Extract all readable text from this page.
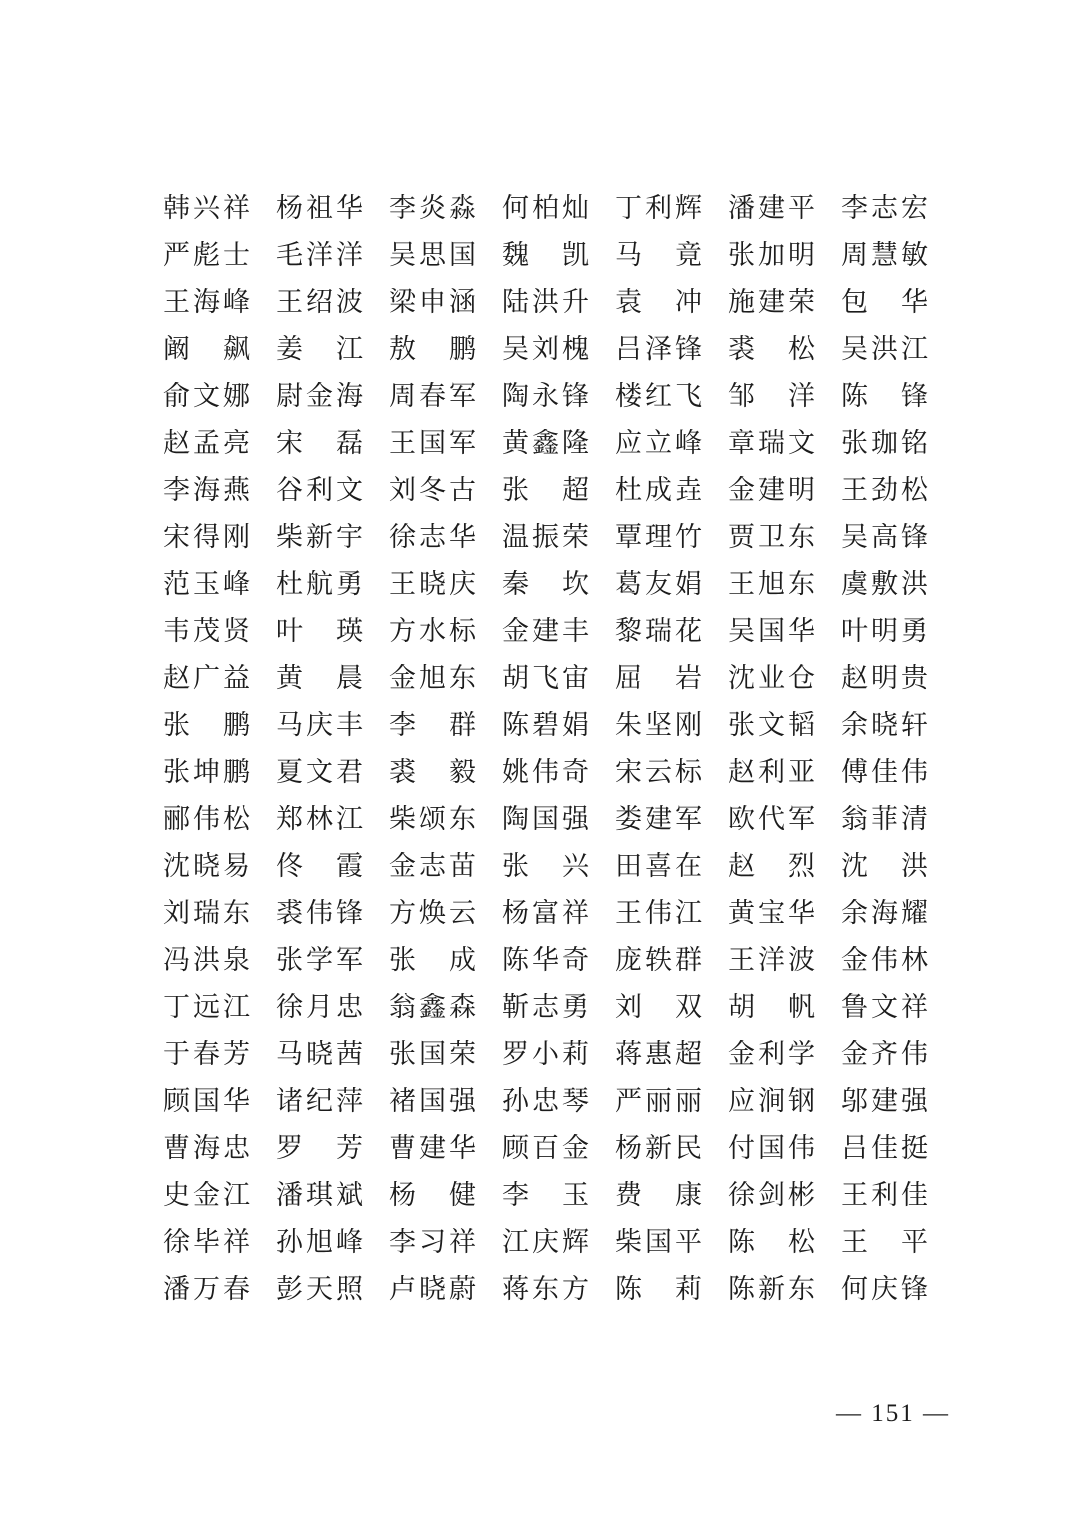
韩兴祥 杨祖华 李炎淼 何柏灿 丁利辉 潘建平 李志宏
严彪士 毛洋洋 吴思国 魏凯 马竟 张加明 周慧敏
王海峰 王绍波 梁申涵 陆洪升 袁冲 施建荣 包华
阚飙 姜江 敖鹏 吴刘槐 吕泽锋 裘松 吴洪江
俞文娜 尉金海 周春军 陶永锋 楼红飞 邹洋 陈锋
赵孟亮 宋磊 王国军 黄鑫隆 应立峰 章瑞文 张珈铭
李海燕 谷利文 刘冬古 张超 杜成垚 金建明 王劲松
宋得刚 柴新宇 徐志华 温振荣 覃理竹 贾卫东 吴高锋
范玉峰 杜航勇 王晓庆 秦坎 葛友娟 王旭东 虞敷洪
韦茂贤 叶瑛 方水标 金建丰 黎瑞花 吴国华 叶明勇
赵广益 黄晨 金旭东 胡飞宙 屈岩 沈业仓 赵明贵
张鹏 马庆丰 李群 陈碧娟 朱坚刚 张文韬 余晓轩
张坤鹏 夏文君 裘毅 姚伟奇 宋云标 赵利亚 傅佳伟
郦伟松 郑林江 柴颂东 陶国强 娄建军 欧代军 翁菲清
沈晓易 佟霞 金志苗 张兴 田喜在 赵烈 沈洪
刘瑞东 裘伟锋 方焕云 杨富祥 王伟江 黄宝华 余海耀
冯洪泉 张学军 张成 陈华奇 庞轶群 王洋波 金伟林
丁远江 徐月忠 翁鑫森 靳志勇 刘双 胡帆 鲁文祥
于春芳 马晓茜 张国荣 罗小莉 蒋惠超 金利学 金齐伟
顾国华 诸纪萍 褚国强 孙忠琴 严丽丽 应涧钢 邬建强
曹海忠 罗芳 曹建华 顾百金 杨新民 付国伟 吕佳挺
史金江 潘琪斌 杨健 李玉 费康 徐剑彬 王利佳
徐毕祥 孙旭峰 李习祥 江庆辉 柴国平 陈松 王平
潘万春 彭天照 卢晓蔚 蒋东方 陈莉 陈新东 何庆锋
— 151 —
